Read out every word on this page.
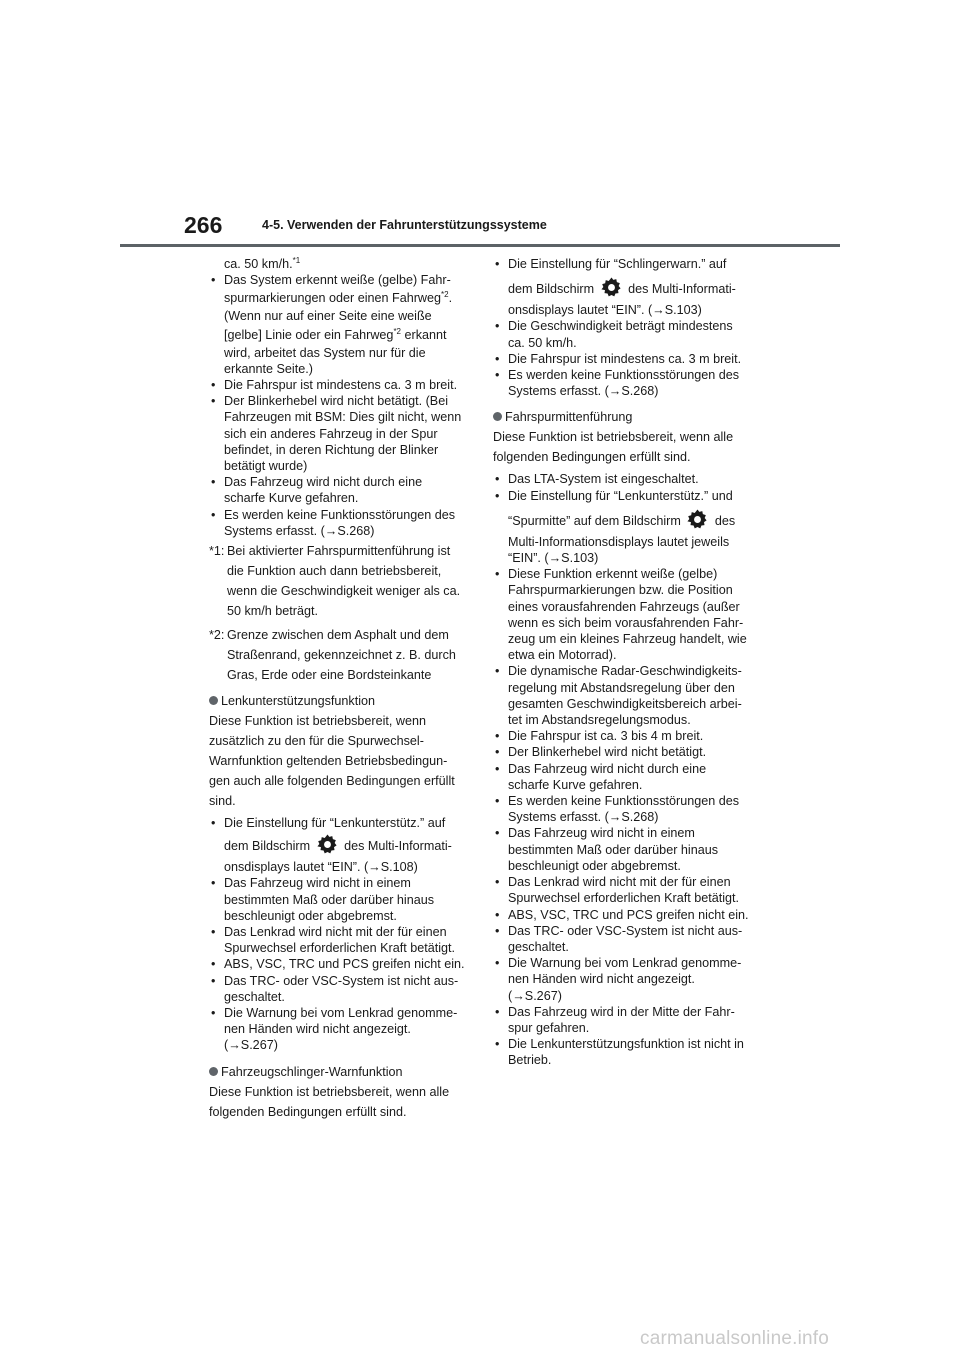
266	4-5. Verwenden der Fahrunterstützungssysteme

ca. 50 km/h.$^{*1}$

• Das System erkennt weiße (gelbe) Fahr-
spurmarkierungen oder einen Fahrweg$^{*2}$.
(Wenn nur auf einer Seite eine weiße
[gelbe] Linie oder ein Fahrweg$^{*2}$ erkannt
wird, arbeitet das System nur für die
erkannte Seite.)
• Die Fahrspur ist mindestens ca. 3 m breit.
• Der Blinkerhebel wird nicht betätigt. (Bei
Fahrzeugen mit BSM: Dies gilt nicht, wenn
sich ein anderes Fahrzeug in der Spur
befindet, in deren Richtung der Blinker
betätigt wurde)
• Das Fahrzeug wird nicht durch eine
scharfe Kurve gefahren.
• Es werden keine Funktionsstörungen des
Systems erfasst. (→S.268)
*1: Bei aktivierter Fahrspurmittenführung ist
die Funktion auch dann betriebsbereit,
wenn die Geschwindigkeit weniger als ca.
50 km/h beträgt.
*2: Grenze zwischen dem Asphalt und dem
Straßenrand, gekennzeichnet z. B. durch
Gras, Erde oder eine Bordsteinkante
Lenkunterstützungsfunktion
Diese Funktion ist betriebsbereit, wenn
zusätzlich zu den für die Spurwechsel-
Warnfunktion geltenden Betriebsbedingun-
gen auch alle folgenden Bedingungen erfüllt
sind.
• Die Einstellung für “Lenkunterstütz.” auf
dem Bildschirm	des Multi-Informati-
onsdisplays lautet “EIN”. (→S.108)
• Das Fahrzeug wird nicht in einem
bestimmten Maß oder darüber hinaus
beschleunigt oder abgebremst.
• Das Lenkrad wird nicht mit der für einen
Spurwechsel erforderlichen Kraft betätigt.
• ABS, VSC, TRC und PCS greifen nicht ein.
• Das TRC- oder VSC-System ist nicht aus-
geschaltet.
• Die Warnung bei vom Lenkrad genomme-
nen Händen wird nicht angezeigt.
(→S.267)
Fahrzeugschlinger-Warnfunktion
Diese Funktion ist betriebsbereit, wenn alle
folgenden Bedingungen erfüllt sind.
• Die Einstellung für “Schlingerwarn.” auf
dem Bildschirm	des Multi-Informati-
onsdisplays lautet “EIN”. (→S.103)
• Die Geschwindigkeit beträgt mindestens
ca. 50 km/h.
• Die Fahrspur ist mindestens ca. 3 m breit.
• Es werden keine Funktionsstörungen des
Systems erfasst. (→S.268)
Fahrspurmittenführung
Diese Funktion ist betriebsbereit, wenn alle
folgenden Bedingungen erfüllt sind.
• Das LTA-System ist eingeschaltet.
• Die Einstellung für “Lenkunterstütz.” und
“Spurmitte” auf dem Bildschirm	des
Multi-Informationsdisplays lautet jeweils
“EIN”. (→S.103)
• Diese Funktion erkennt weiße (gelbe)
Fahrspurmarkierungen bzw. die Position
eines vorausfahrenden Fahrzeugs (außer
wenn es sich beim vorausfahrenden Fahr-
zeug um ein kleines Fahrzeug handelt, wie
etwa ein Motorrad).
• Die dynamische Radar-Geschwindigkeits-
regelung mit Abstandsregelung über den
gesamten Geschwindigkeitsbereich arbei-
tet im Abstandsregelungsmodus.
• Die Fahrspur ist ca. 3 bis 4 m breit.
• Der Blinkerhebel wird nicht betätigt.
• Das Fahrzeug wird nicht durch eine
scharfe Kurve gefahren.
• Es werden keine Funktionsstörungen des
Systems erfasst. (→S.268)
• Das Fahrzeug wird nicht in einem
bestimmten Maß oder darüber hinaus
beschleunigt oder abgebremst.
• Das Lenkrad wird nicht mit der für einen
Spurwechsel erforderlichen Kraft betätigt.
• ABS, VSC, TRC und PCS greifen nicht ein.
• Das TRC- oder VSC-System ist nicht aus-
geschaltet.
• Die Warnung bei vom Lenkrad genomme-
nen Händen wird nicht angezeigt.
(→S.267)
• Das Fahrzeug wird in der Mitte der Fahr-
spur gefahren.
• Die Lenkunterstützungsfunktion ist nicht in
Betrieb.
carmanualsonline.info
